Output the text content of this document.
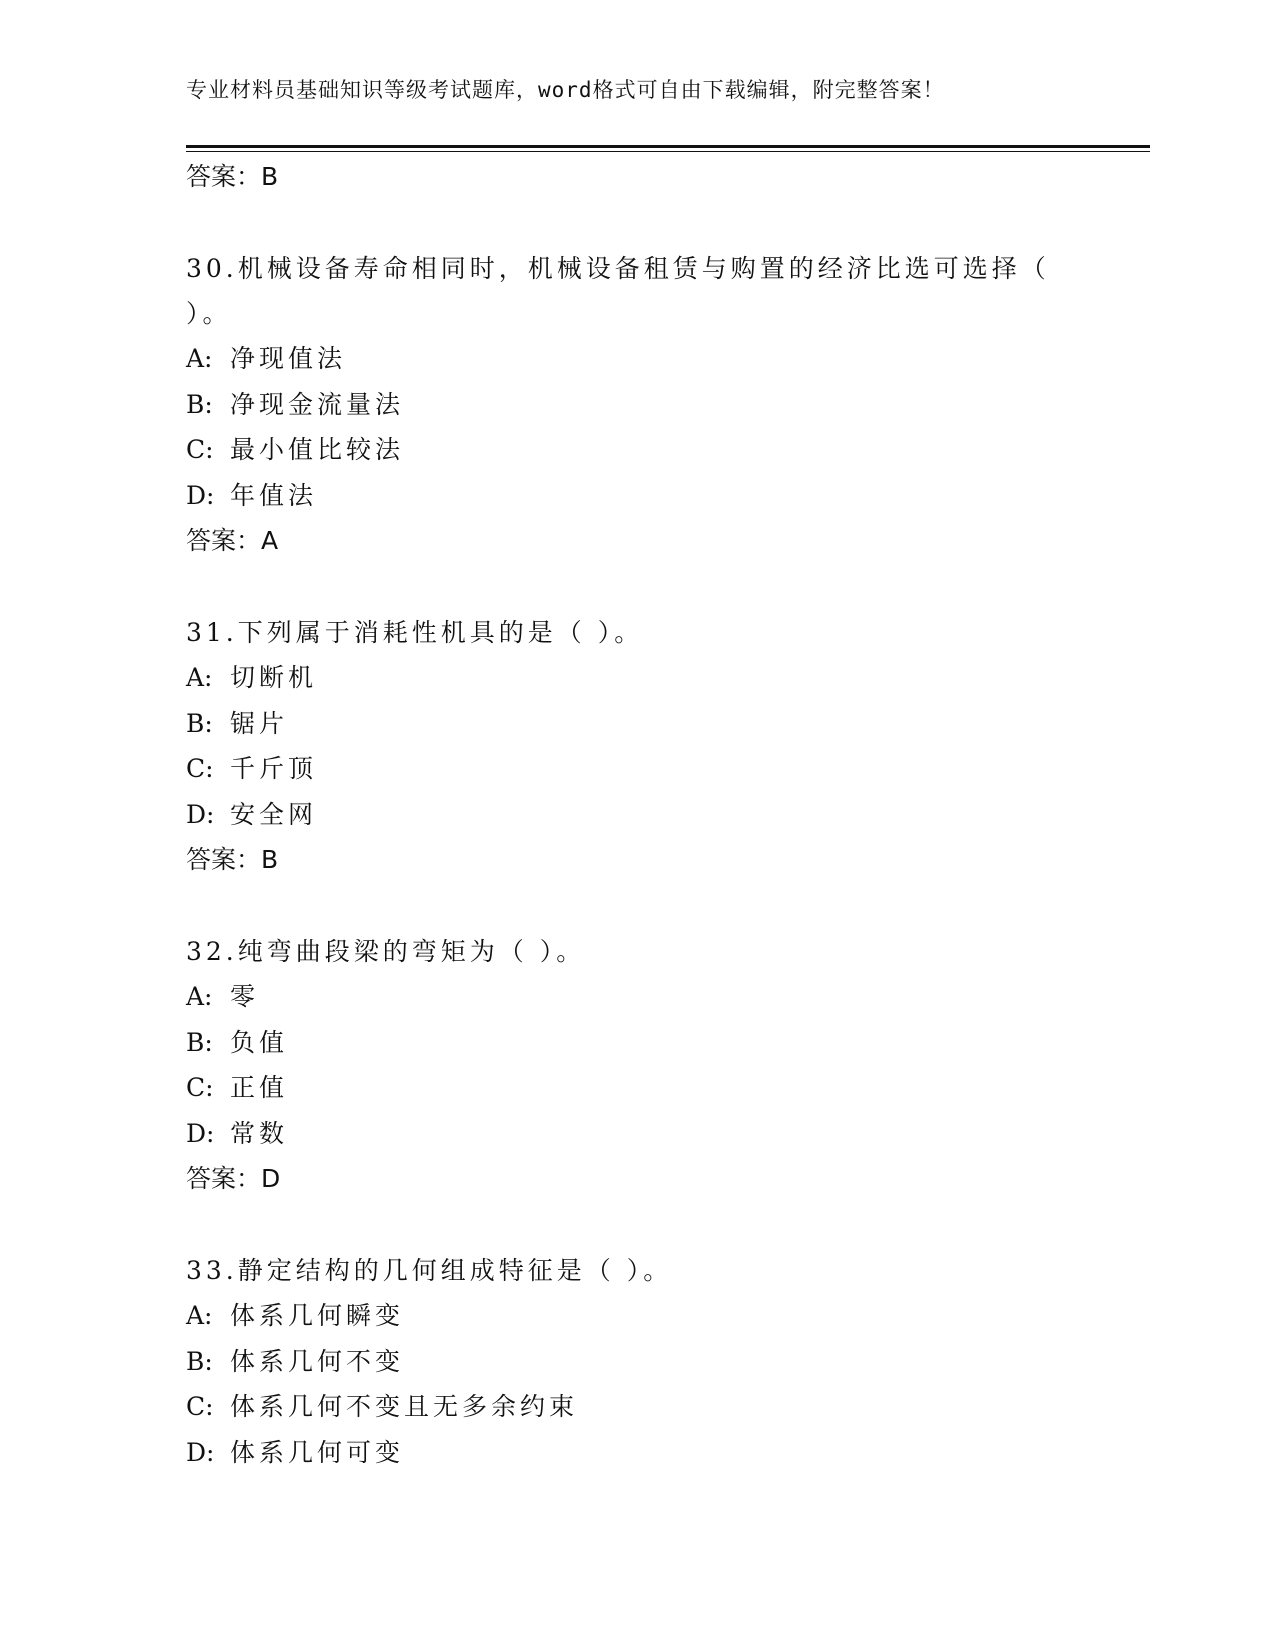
专业材料员基础知识等级考试题库，word格式可自由下载编辑，附完整答案！
答案：B
30.机械设备寿命相同时，机械设备租赁与购置的经济比选可选择（ ）。
A: 净现值法
B: 净现金流量法
C: 最小值比较法
D: 年值法
答案：A
31.下列属于消耗性机具的是（ ）。
A: 切断机
B: 锯片
C: 千斤顶
D: 安全网
答案：B
32.纯弯曲段梁的弯矩为（ ）。
A: 零
B: 负值
C: 正值
D: 常数
答案：D
33.静定结构的几何组成特征是（ ）。
A: 体系几何瞬变
B: 体系几何不变
C: 体系几何不变且无多余约束
D: 体系几何可变
